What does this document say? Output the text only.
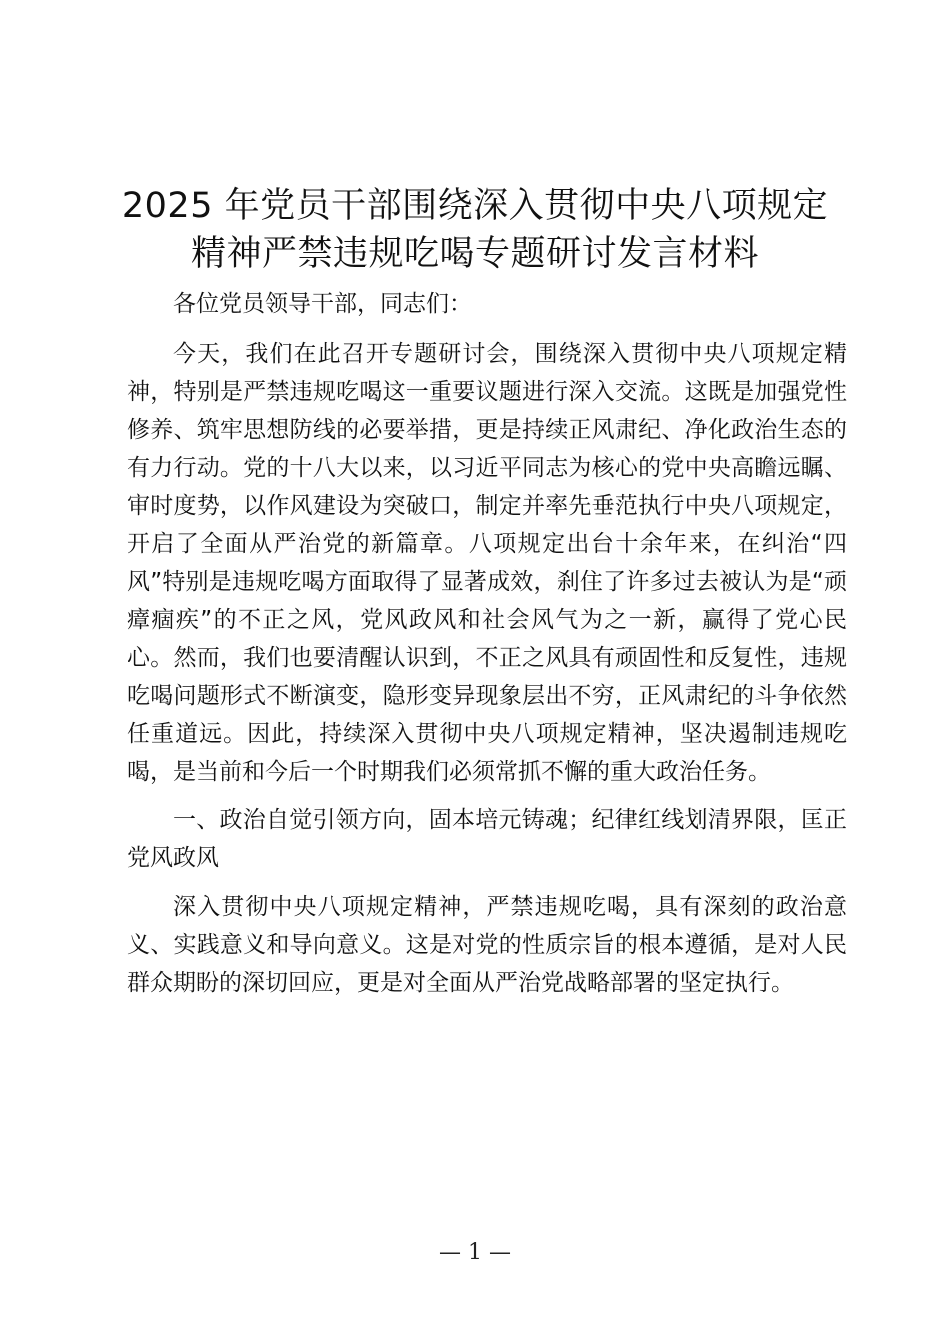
2025 年党员干部围绕深入贯彻中央八项规定
精神严禁违规吃喝专题研讨发言材料

各位党员领导干部，同志们：

今天，我们在此召开专题研讨会，围绕深入贯彻中央八项规定精神，特别是严禁违规吃喝这一重要议题进行深入交流。这既是加强党性修养、筑牢思想防线的必要举措，更是持续正风肃纪、净化政治生态的有力行动。党的十八大以来，以习近平同志为核心的党中央高瞻远瞩、审时度势，以作风建设为突破口，制定并率先垂范执行中央八项规定，开启了全面从严治党的新篇章。八项规定出台十余年来，在纠治“四风”特别是违规吃喝方面取得了显著成效，刹住了许多过去被认为是“顽瘴痼疾”的不正之风，党风政风和社会风气为之一新，赢得了党心民心。然而，我们也要清醒认识到，不正之风具有顽固性和反复性，违规吃喝问题形式不断演变，隐形变异现象层出不穷，正风肃纪的斗争依然任重道远。因此，持续深入贯彻中央八项规定精神，坚决遏制违规吃喝，是当前和今后一个时期我们必须常抓不懈的重大政治任务。

一、政治自觉引领方向，固本培元铸魂；纪律红线划清界限，匡正党风政风

深入贯彻中央八项规定精神，严禁违规吃喝，具有深刻的政治意义、实践意义和导向意义。这是对党的性质宗旨的根本遵循，是对人民群众期盼的深切回应，更是对全面从严治党战略部署的坚定执行。

— 1 —
